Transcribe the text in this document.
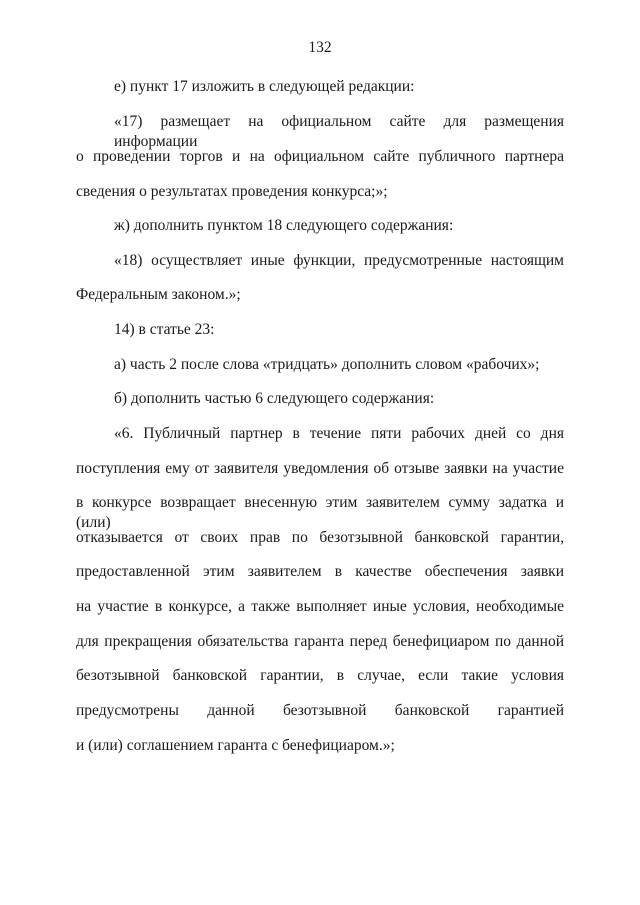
132
е) пункт 17 изложить в следующей редакции:
«17) размещает на официальном сайте для размещения информации
о проведении торгов и на официальном сайте публичного партнера
сведения о результатах проведения конкурса;»;
ж) дополнить пунктом 18 следующего содержания:
«18) осуществляет иные функции, предусмотренные настоящим
Федеральным законом.»;
14) в статье 23:
а) часть 2 после слова «тридцать» дополнить словом «рабочих»;
б) дополнить частью 6 следующего содержания:
«6. Публичный партнер в течение пяти рабочих дней со дня
поступления ему от заявителя уведомления об отзыве заявки на участие
в конкурсе возвращает внесенную этим заявителем сумму задатка и (или)
отказывается от своих прав по безотзывной банковской гарантии,
предоставленной этим заявителем в качестве обеспечения заявки
на участие в конкурсе, а также выполняет иные условия, необходимые
для прекращения обязательства гаранта перед бенефициаром по данной
безотзывной банковской гарантии, в случае, если такие условия
предусмотрены данной безотзывной банковской гарантией
и (или) соглашением гаранта с бенефициаром.»;
